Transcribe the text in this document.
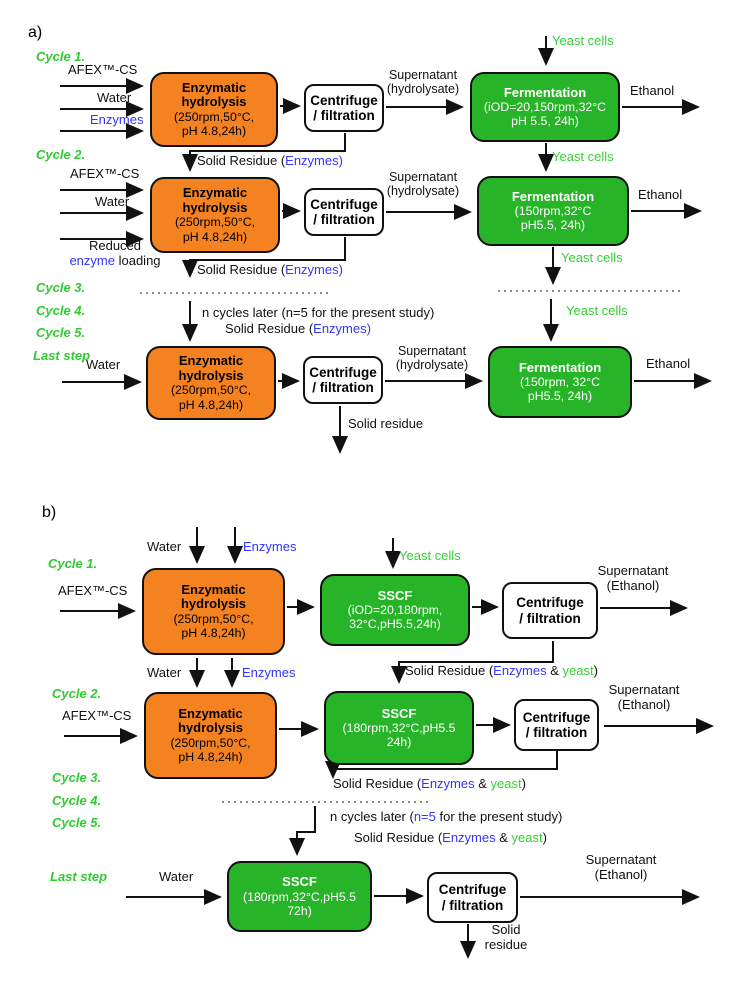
a)
Cycle 1.
Cycle 2.
Cycle 3.
Cycle 4.
Cycle 5.
Last step
AFEX™-CS
Water
Enzymes
Enzymatic
hydrolysis
(250rpm,50°C,
pH 4.8,24h)
Centrifuge
/ filtration
Supernatant
(hydrolysate)
Yeast cells
Fermentation
(iOD=20,150rpm,32°C
pH 5.5, 24h)
Ethanol
Yeast cells
Solid Residue (Enzymes)
AFEX™-CS
Water
Reduced
enzyme loading
Enzymatic
hydrolysis
(250rpm,50°C,
pH 4.8,24h)
Centrifuge
/ filtration
Supernatant
(hydrolysate)	Fermentation
(150rpm,32°C
pH5.5, 24h)
Ethanol
Yeast cells
Solid Residue (Enzymes)
n cycles later (n=5 for the present study)
Solid Residue (Enzymes)
Yeast cells
Water	Enzymatic
hydrolysis
(250rpm,50°C,
pH 4.8,24h)
Centrifuge
/ filtration
Supernatant
(hydrolysate)	Fermentation
(150rpm, 32°C
pH5.5, 24h)
Ethanol
Solid residue
b)
Water	Enzymes
Cycle 1.
AFEX™-CS	Enzymatic
hydrolysis
(250rpm,50°C,
pH 4.8,24h)
Yeast cells
SSCF
(iOD=20,180rpm,
32°C,pH5.5,24h)
Centrifuge
/ filtration
Supernatant
(Ethanol)
Solid Residue (Enzymes & yeast)
Water	Enzymes
Cycle 2.
AFEX™-CS	Enzymatic
hydrolysis
(250rpm,50°C,
pH 4.8,24h)
SSCF
(180rpm,32°C,pH5.5
24h)
Centrifuge
/ filtration
Supernatant
(Ethanol)
Solid Residue (Enzymes & yeast)
Cycle 3.
Cycle 4.
Cycle 5.	n cycles later (n=5 for the present study)
Solid Residue (Enzymes & yeast)
Last step	Water	SSCF
(180rpm,32°C,pH5.5
72h)
Centrifuge
/ filtration
Supernatant
(Ethanol)
Solid
residue
